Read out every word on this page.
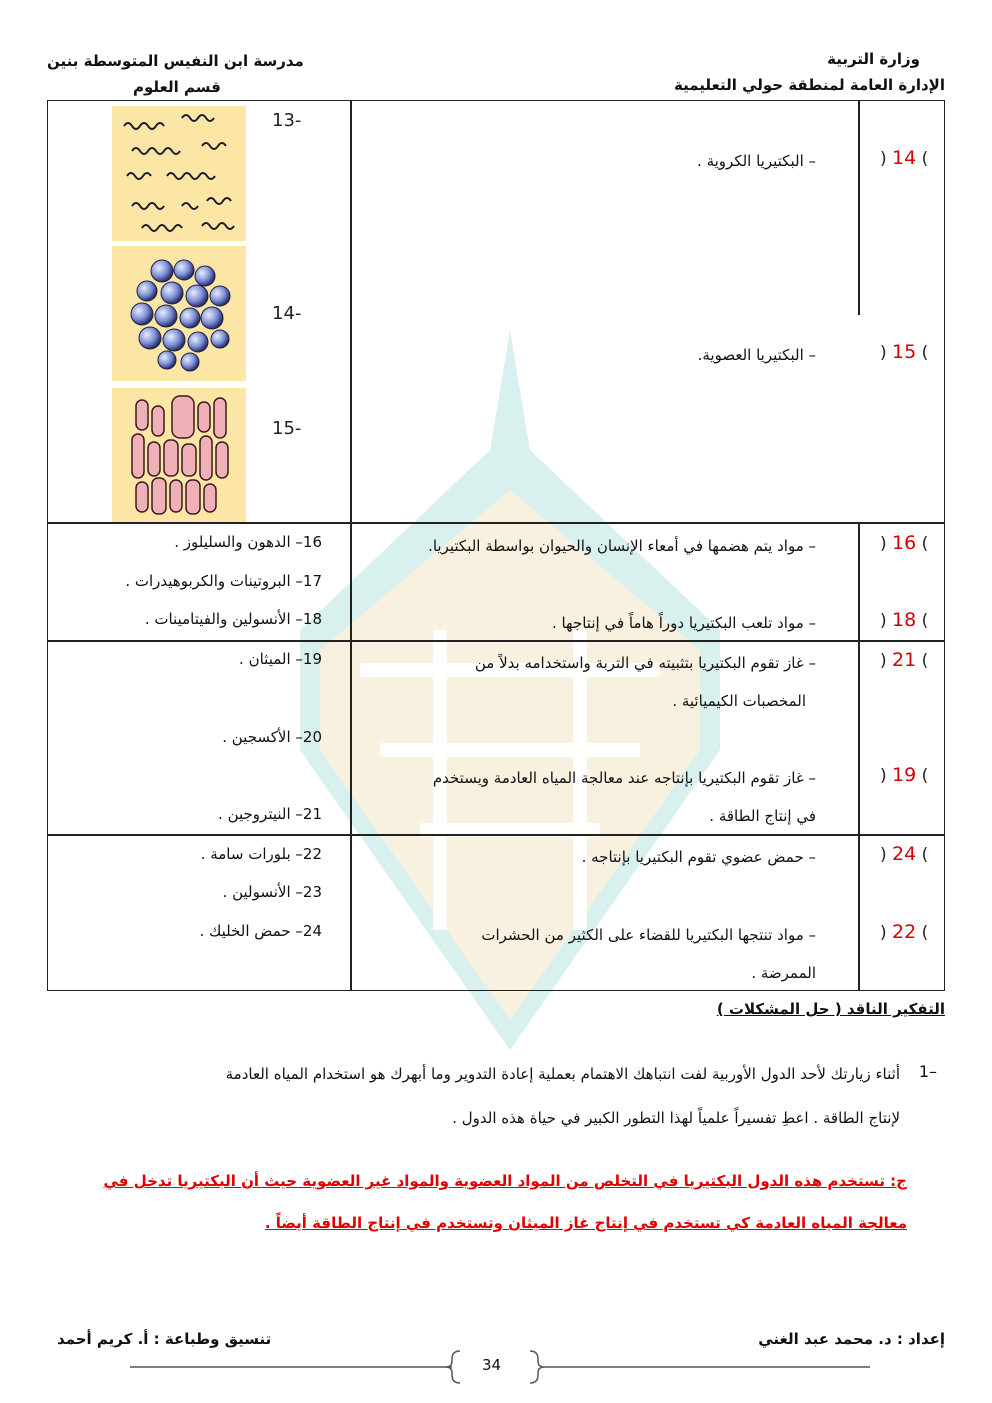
وزارة التربية
الإدارة العامة لمنطقة حولي التعليمية
مدرسة ابن النفيس المتوسطة بنين
قسم العلوم
) 14 (
) 15 (
) 16 (
) 18 (
) 21 (
) 19 (
) 24 (
) 22 (
– البكتيريا الكروية .
– البكتيريا العصوية.
– مواد يتم هضمها في أمعاء الإنسان والحيوان بواسطة البكتيريا.
– مواد تلعب البكتيريا دوراً هاماً في إنتاجها .
– غاز تقوم البكتيريا بتثبيته في التربة واستخدامه بدلاً من
المخصبات الكيميائية .
– غاز تقوم البكتيريا بإنتاجه عند معالجة المياه العادمة ويستخدم
في إنتاج الطاقة .
– حمض عضوي تقوم البكتيريا بإنتاجه .
– مواد تنتجها البكتيريا للقضاء على الكثير من الحشرات
الممرضة .
13-
14-
15-
16– الدهون والسليلوز .
17– البروتينات والكربوهيدرات .
18– الأنسولين والفيتامينات .
19– الميثان .
20– الأكسجين .
21– النيتروجين .
22– بلورات سامة .
23– الأنسولين .
24– حمض الخليك .
التفكير الناقد ( حل المشكلات )
1–
أثناء زيارتك لأحد الدول الأوربية لفت انتباهك الاهتمام بعملية إعادة التدوير وما أبهرك هو استخدام المياه العادمة
لإنتاج الطاقة . اعطِ تفسيراً علمياً لهذا التطور الكبير في حياة هذه الدول .
ج: تستخدم هذه الدول البكتيريا في التخلص من المواد العضوية والمواد غير العضوية حيث أن البكتيريا تدخل في
معالجة المياه العادمة كي تستخدم في إنتاج غاز الميثان وتستخدم في إنتاج الطاقة أيضاً .
إعداد : د. محمد عبد الغني
تنسيق وطباعة : أ. كريم أحمد
34
